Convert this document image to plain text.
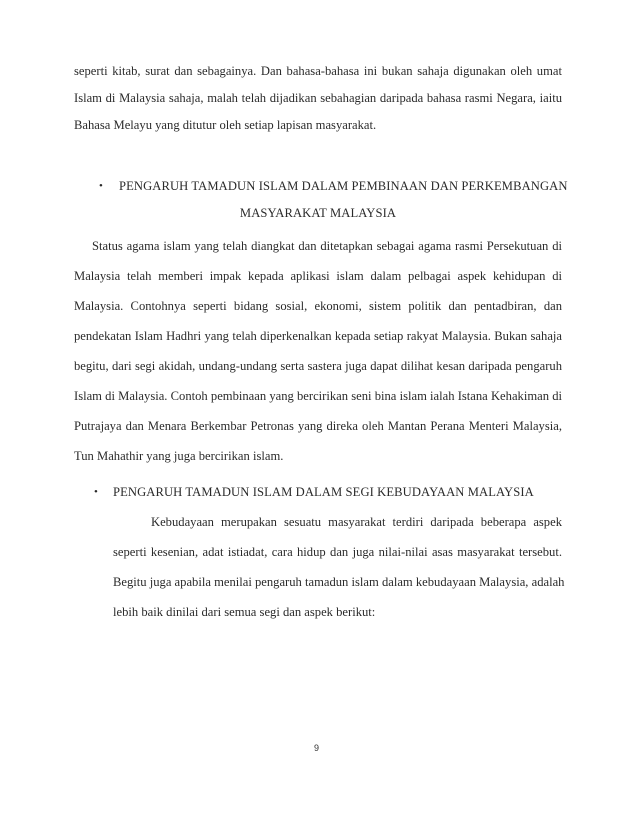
seperti kitab, surat dan sebagainya. Dan bahasa-bahasa ini bukan sahaja digunakan oleh umat
Islam di Malaysia sahaja, malah telah dijadikan sebahagian daripada bahasa rasmi Negara, iaitu
Bahasa Melayu yang ditutur oleh setiap lapisan masyarakat.
• PENGARUH TAMADUN ISLAM DALAM PEMBINAAN DAN PERKEMBANGAN
MASYARAKAT MALAYSIA
Status agama islam yang telah diangkat dan ditetapkan sebagai agama rasmi Persekutuan di
Malaysia telah memberi impak kepada aplikasi islam dalam pelbagai aspek kehidupan di
Malaysia. Contohnya seperti bidang sosial, ekonomi, sistem politik dan pentadbiran, dan
pendekatan Islam Hadhri yang telah diperkenalkan kepada setiap rakyat Malaysia. Bukan sahaja
begitu, dari segi akidah, undang-undang serta sastera juga dapat dilihat kesan daripada pengaruh
Islam di Malaysia. Contoh pembinaan yang bercirikan seni bina islam ialah Istana Kehakiman di
Putrajaya dan Menara Berkembar Petronas yang direka oleh Mantan Perana Menteri Malaysia,
Tun Mahathir yang juga bercirikan islam.
• PENGARUH TAMADUN ISLAM DALAM SEGI KEBUDAYAAN MALAYSIA
Kebudayaan merupakan sesuatu masyarakat terdiri daripada beberapa aspek
seperti kesenian, adat istiadat, cara hidup dan juga nilai-nilai asas masyarakat tersebut.
Begitu juga apabila menilai pengaruh tamadun islam dalam kebudayaan Malaysia, adalah
lebih baik dinilai dari semua segi dan aspek berikut:
9
